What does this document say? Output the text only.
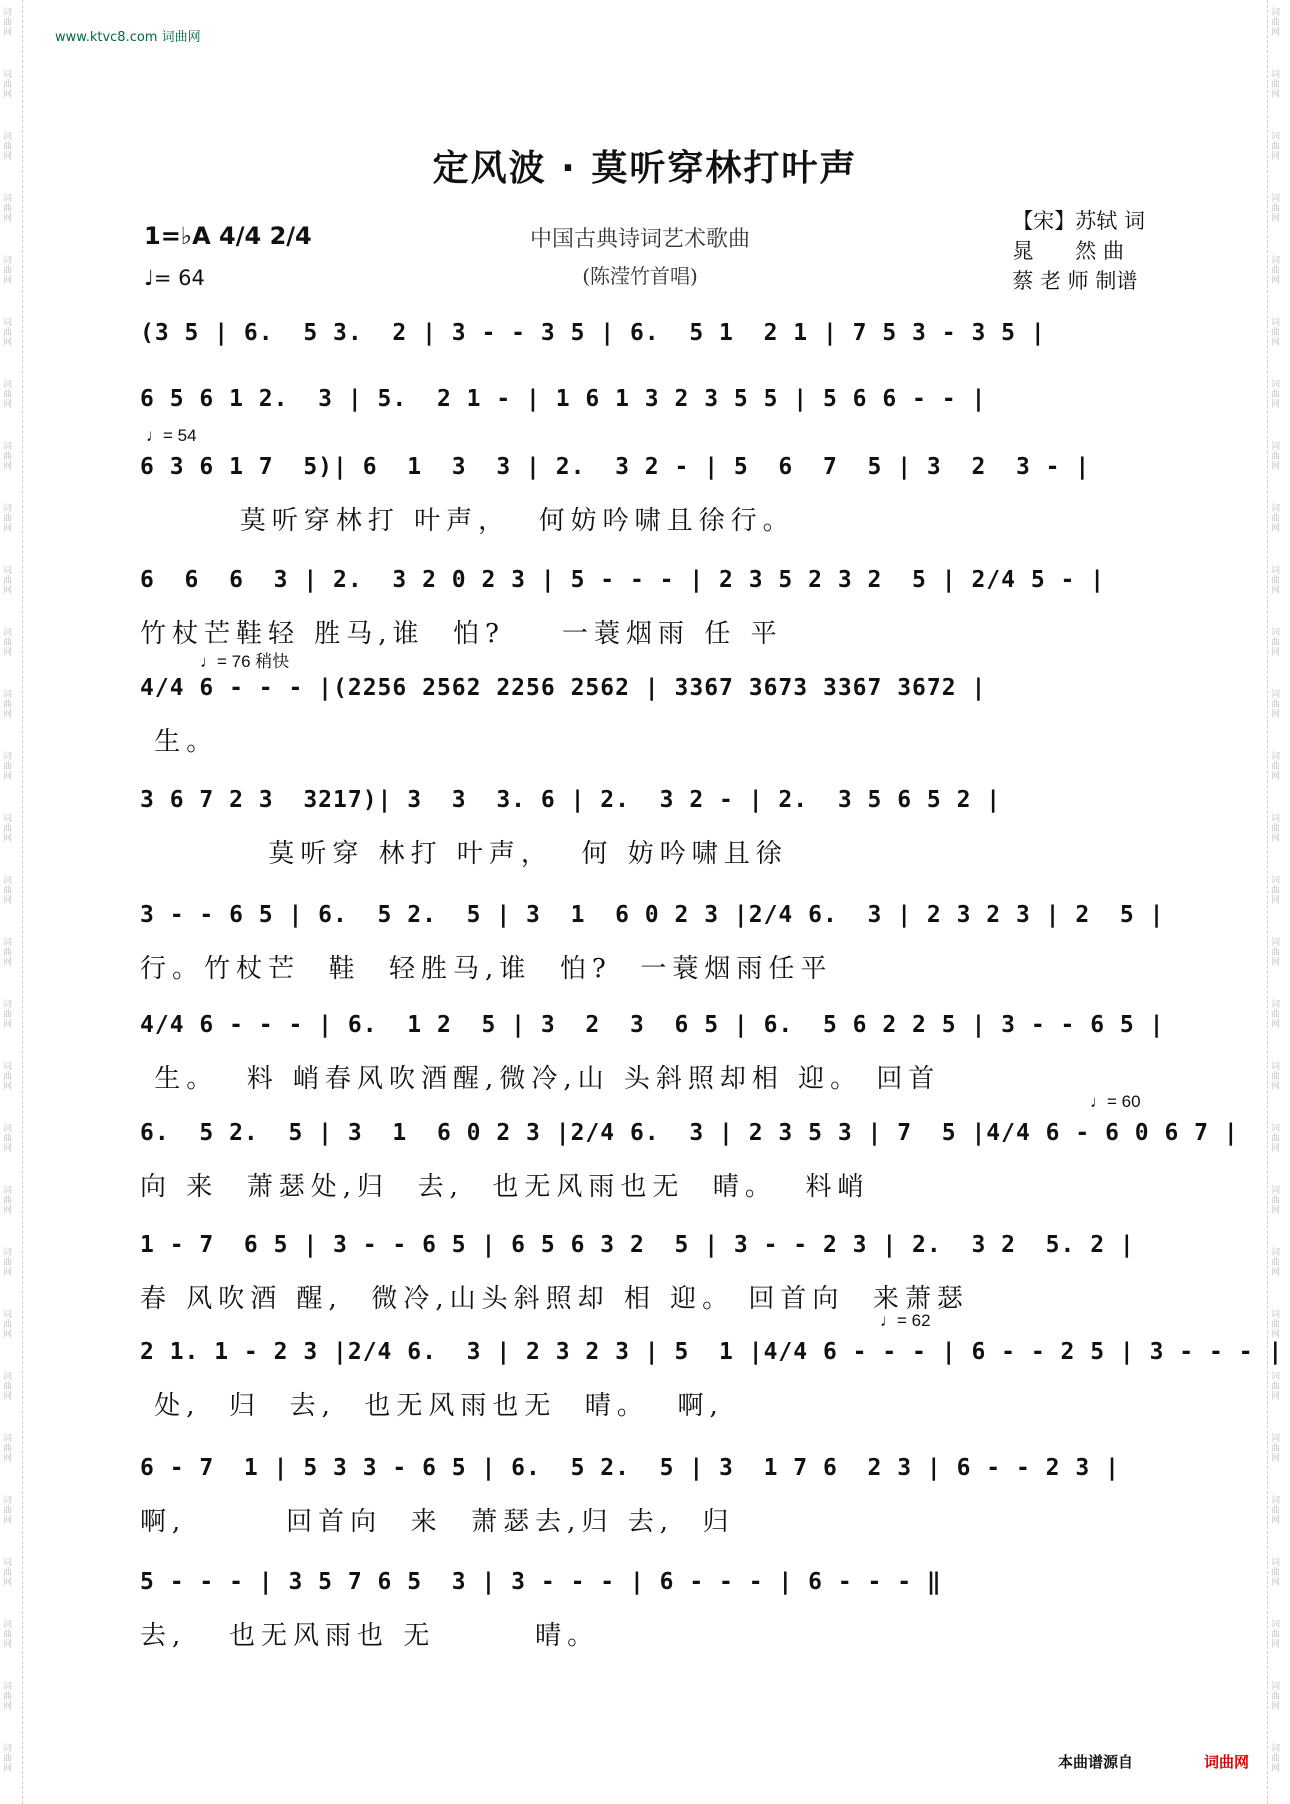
词
曲
网
词
曲
网
词
曲
网
词
曲
网
词
曲
网
词
曲
网
词
曲
网
词
曲
网
词
曲
网
词
曲
网
词
曲
网
词
曲
网
词
曲
网
词
曲
网
词
曲
网
词
曲
网
词
曲
网
词
曲
网
词
曲
网
词
曲
网
词
曲
网
词
曲
网
词
曲
网
词
曲
网
词
曲
网
词
曲
网
词
曲
网
词
曲
网
词
曲
网
词
曲
网
词
曲
网
词
曲
网
词
曲
网
词
曲
网
词
曲
网
词
曲
网
词
曲
网
词
曲
网
词
曲
网
词
曲
网
词
曲
网
词
曲
网
词
曲
网
词
曲
网
词
曲
网
词
曲
网
词
曲
网
词
曲
网
词
曲
网
词
曲
网
词
曲
网
词
曲
网
词
曲
网
词
曲
网
词
曲
网
词
曲
网
词
曲
网
词
曲
网
www.ktvc8.com 词曲网
定风波 · 莫听穿林打叶声
中国古典诗词艺术歌曲
(陈滢竹首唱)
【宋】苏轼 词
晁　　然 曲
蔡 老 师 制谱
1=♭A 4/4 2/4
♩= 64
(3 5 | 6.  5 3.  2 | 3 - - 3 5 | 6.  5 1  2 1 | 7 5 3 - 3 5 |
6 5 6 1 2.  3 | 5.  2 1 - | 1 6 1 3 2 3 5 5 | 5 6 6 - - |
♩= 54
6 3 6 1 7  5)| 6  1  3  3 | 2.  3 2 - | 5  6  7  5 | 3  2  3 - |
莫听穿林打 叶声，  何妨吟啸且徐行。
6  6  6  3 | 2.  3 2 0 2 3 | 5 - - - | 2 3 5 2 3 2  5 | 2/4 5 - |
竹杖芒鞋轻 胜马,谁  怕?    一蓑烟雨 任 平
♩= 76 稍快
4/4 6 - - - |(2256 2562 2256 2562 | 3367 3673 3367 3672 |
生。
3 6 7 2 3  3217)| 3  3  3. 6 | 2.  3 2 - | 2.  3 5 6 5 2 |
莫听穿 林打 叶声，  何 妨吟啸且徐
3 - - 6 5 | 6.  5 2.  5 | 3  1  6 0 2 3 |2/4 6.  3 | 2 3 2 3 | 2  5 |
行。竹杖芒  鞋  轻胜马,谁  怕?  一蓑烟雨任平
4/4 6 - - - | 6.  1 2  5 | 3  2  3  6 5 | 6.  5 6 2 2 5 | 3 - - 6 5 |
生。  料 峭春风吹酒醒,微冷,山 头斜照却相 迎。 回首
♩= 60
6.  5 2.  5 | 3  1  6 0 2 3 |2/4 6.  3 | 2 3 5 3 | 7  5 |4/4 6 - 6 0 6 7 |
向 来  萧瑟处,归  去,  也无风雨也无  晴。  料峭
1 - 7  6 5 | 3 - - 6 5 | 6 5 6 3 2  5 | 3 - - 2 3 | 2.  3 2  5. 2 |
春 风吹酒 醒,  微冷,山头斜照却 相 迎。 回首向  来萧瑟
♩= 62
2 1. 1 - 2 3 |2/4 6.  3 | 2 3 2 3 | 5  1 |4/4 6 - - - | 6 - - 2 5 | 3 - - - |
处,  归  去,  也无风雨也无  晴。  啊,
6 - 7  1 | 5 3 3 - 6 5 | 6.  5 2.  5 | 3  1 7 6  2 3 | 6 - - 2 3 |
啊,       回首向  来  萧瑟去,归 去,  归
5 - - - | 3 5 7 6 5  3 | 3 - - - | 6 - - - | 6 - - - ‖
去,   也无风雨也 无       晴。
本曲谱源自	词曲网
